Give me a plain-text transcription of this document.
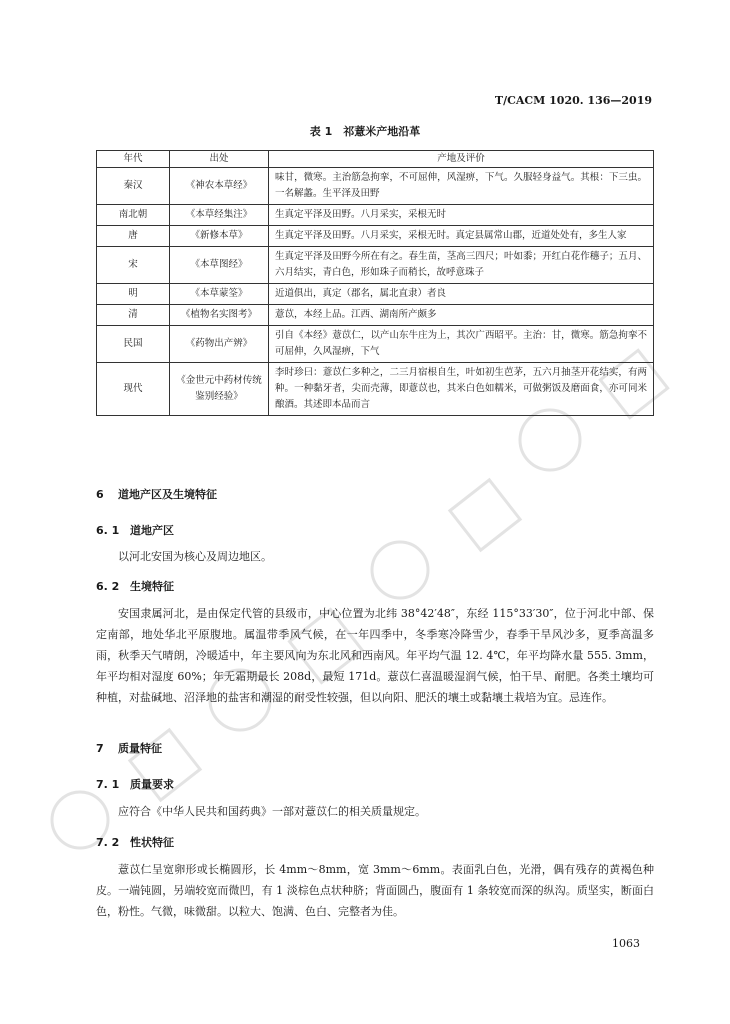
T/CACM 1020. 136—2019
表 1　祁薏米产地沿革
年代	出处	产地及评价
秦汉	《神农本草经》	味甘，微寒。主治筋急拘挛，不可屈伸，风湿痹，下气。久服轻身益气。其根：下三虫。一名解蠡。生平泽及田野
南北朝	《本草经集注》	生真定平泽及田野。八月采实，采根无时
唐	《新修本草》	生真定平泽及田野。八月采实，采根无时。真定县属常山郡，近道处处有，多生人家
宋	《本草图经》	生真定平泽及田野今所在有之。春生苗，茎高三四尺；叶如黍；开红白花作穗子；五月、六月结实，青白色，形如珠子而稍长，故呼意珠子
明	《本草蒙筌》	近道俱出，真定（郡名，属北直隶）者良
清	《植物名实图考》	薏苡，本经上品。江西、湖南所产颇多
民国	《药物出产辨》	引自《本经》薏苡仁，以产山东牛庄为上，其次广西昭平。主治：甘，微寒。筋急拘挛不可屈伸，久风湿痹，下气
现代	《金世元中药材传统鉴别经验》	李时珍曰：薏苡仁多种之，二三月宿根自生，叶如初生芭茅，五六月抽茎开花结实，有两种。一种黏牙者，尖而壳薄，即薏苡也，其米白色如糯米，可做粥饭及磨面食，亦可同米酿酒。其述即本品而言
6 道地产区及生境特征
6. 1 道地产区
以河北安国为核心及周边地区。
6. 2 生境特征
安国隶属河北，是由保定代管的县级市，中心位置为北纬 38°42′48″，东经 115°33′30″，位于河北中部、保定南部，地处华北平原腹地。属温带季风气候，在一年四季中，冬季寒冷降雪少，春季干旱风沙多，夏季高温多雨，秋季天气晴朗，冷暖适中，年主要风向为东北风和西南风。年平均气温 12. 4℃，年平均降水量 555. 3mm，年平均相对湿度 60%；年无霜期最长 208d，最短 171d。薏苡仁喜温暖湿润气候，怕干旱、耐肥。各类土壤均可种植，对盐碱地、沼泽地的盐害和潮湿的耐受性较强，但以向阳、肥沃的壤土或黏壤土栽培为宜。忌连作。
7 质量特征
7. 1 质量要求
应符合《中华人民共和国药典》一部对薏苡仁的相关质量规定。
7. 2 性状特征
薏苡仁呈宽卵形或长椭圆形，长 4mm～8mm，宽 3mm～6mm。表面乳白色，光滑，偶有残存的黄褐色种皮。一端钝圆，另端较宽而微凹，有 1 淡棕色点状种脐；背面圆凸，腹面有 1 条较宽而深的纵沟。质坚实，断面白色，粉性。气微，味微甜。以粒大、饱满、色白、完整者为佳。
1063
